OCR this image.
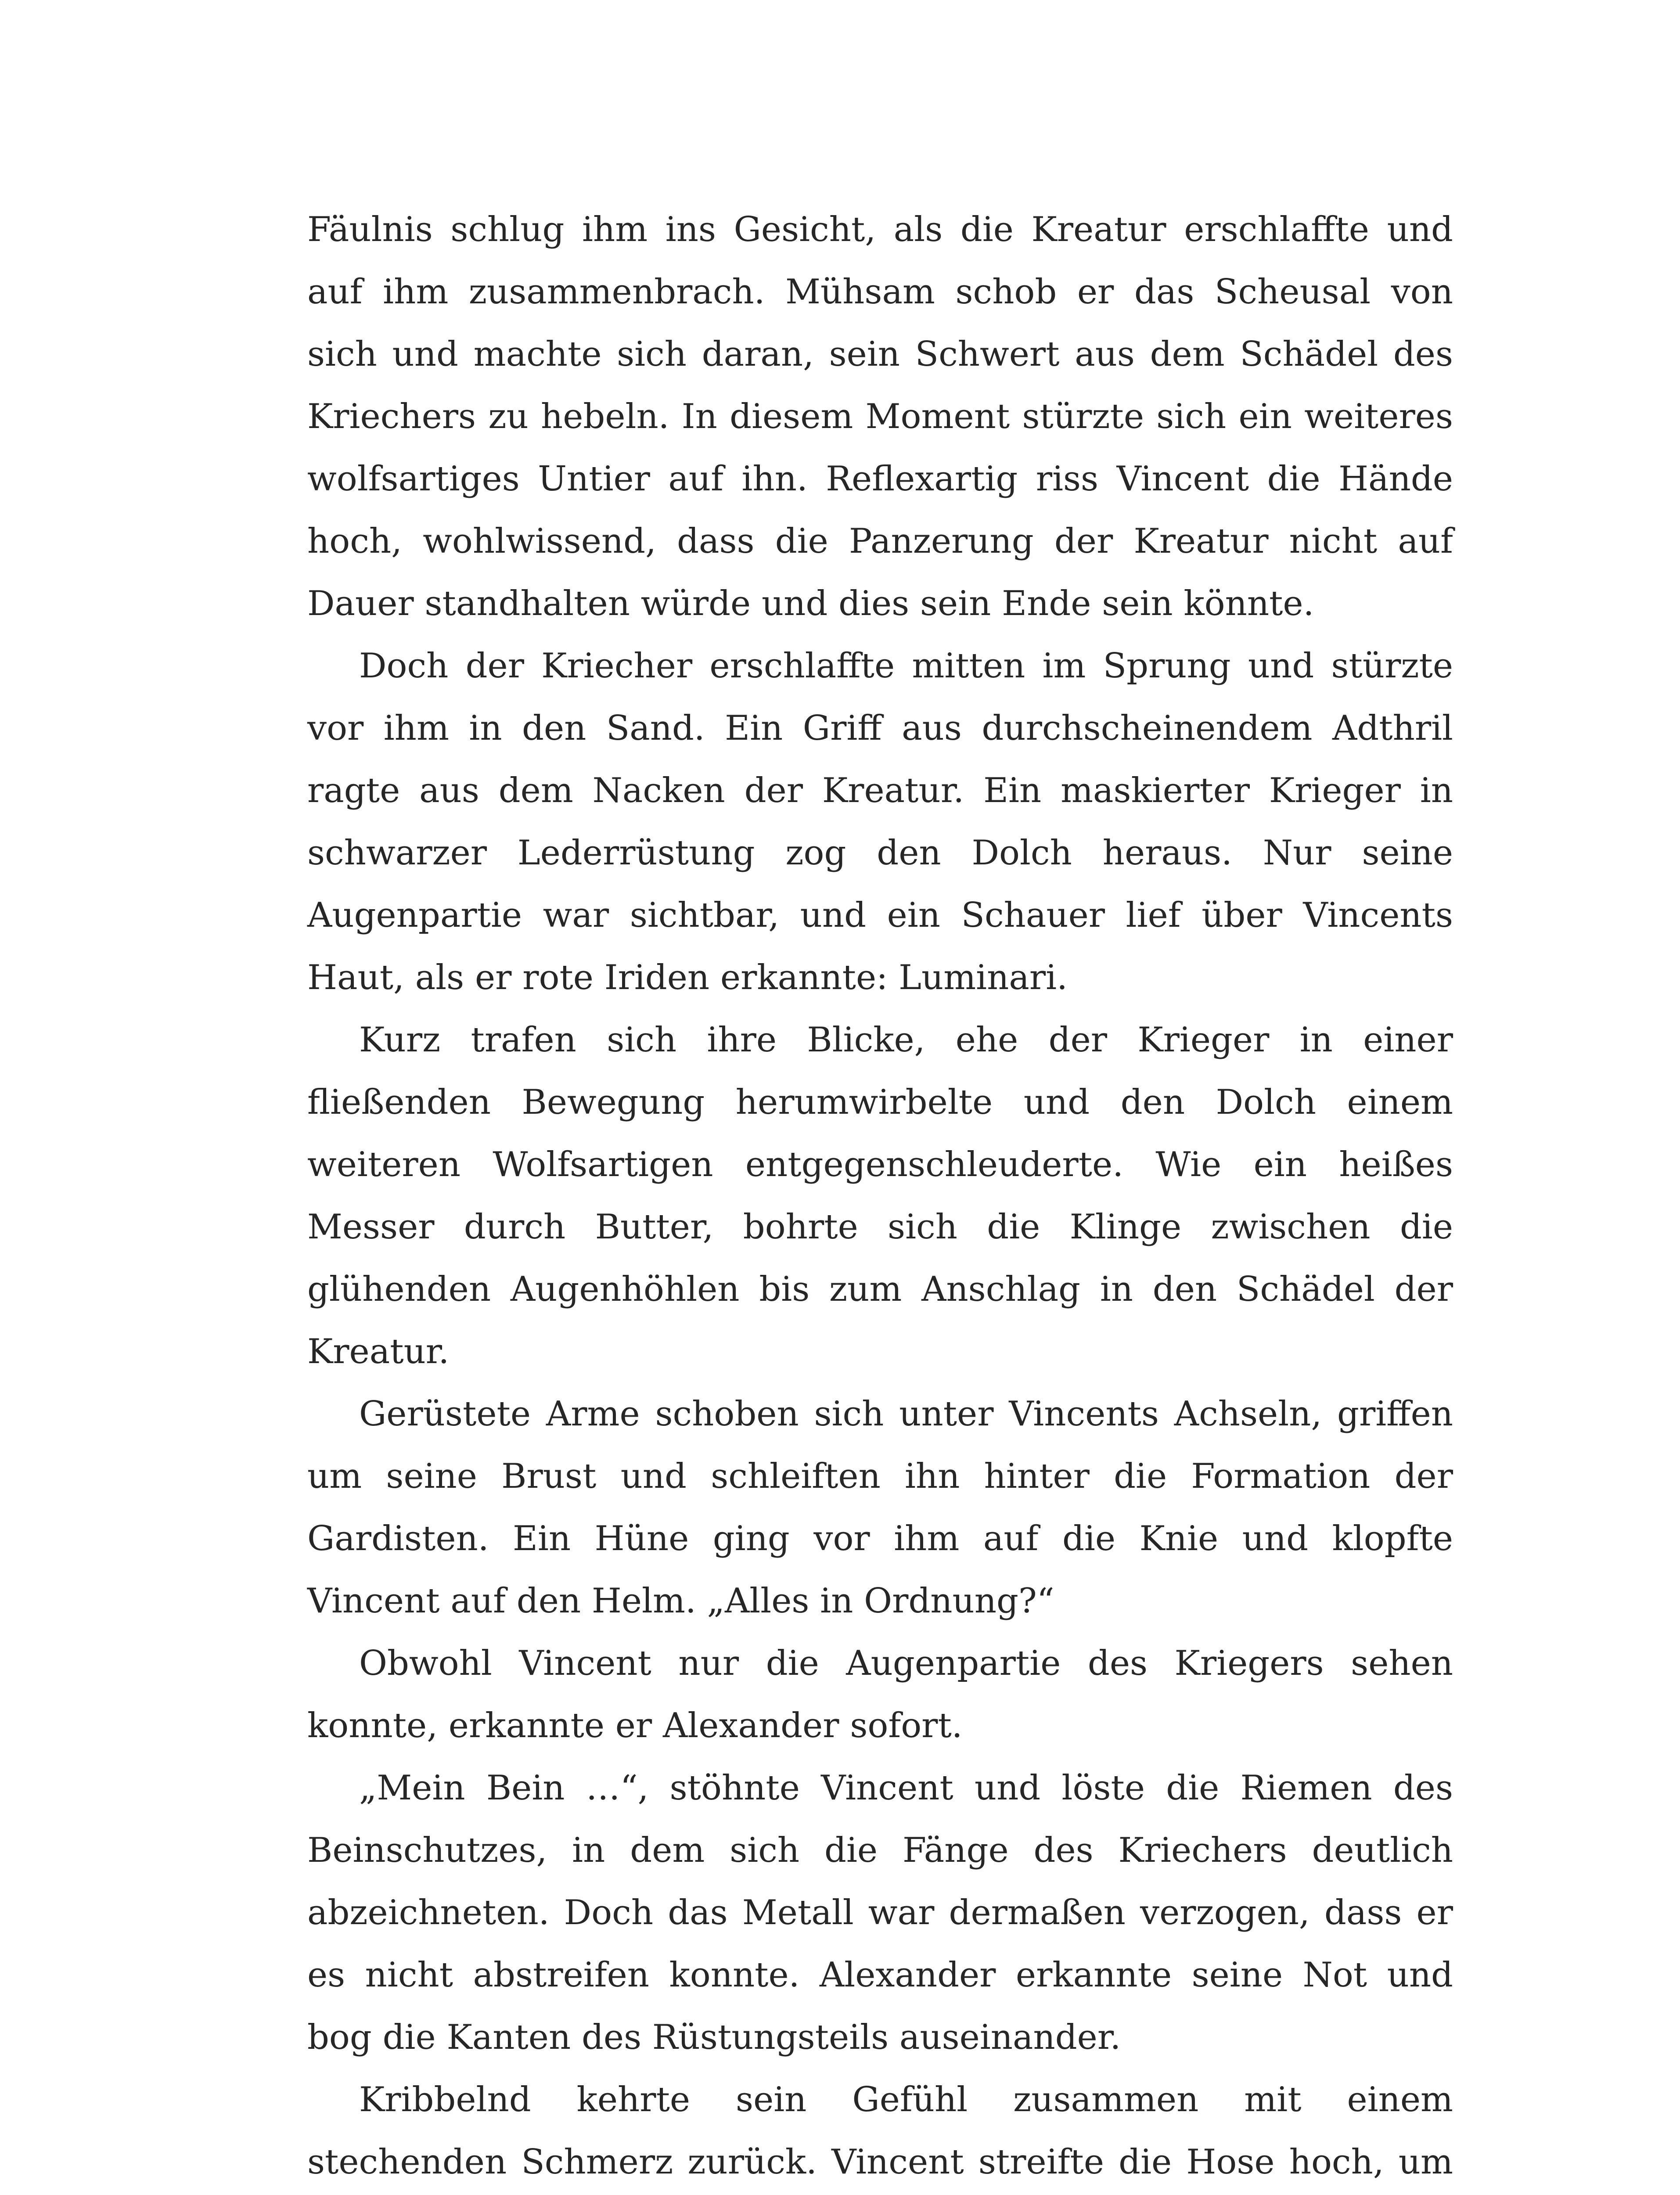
Fäulnis schlug ihm ins Gesicht, als die Kreatur erschlaffte und auf ihm zusammenbrach. Mühsam schob er das Scheusal von sich und machte sich daran, sein Schwert aus dem Schädel des Kriechers zu hebeln. In diesem Moment stürzte sich ein weiteres wolfsartiges Untier auf ihn. Reflexartig riss Vincent die Hände hoch, wohlwissend, dass die Panzerung der Kreatur nicht auf Dauer standhalten würde und dies sein Ende sein könnte.

Doch der Kriecher erschlaffte mitten im Sprung und stürzte vor ihm in den Sand. Ein Griff aus durchscheinendem Adthril ragte aus dem Nacken der Kreatur. Ein maskierter Krieger in schwarzer Lederrüstung zog den Dolch heraus. Nur seine Augenpartie war sichtbar, und ein Schauer lief über Vincents Haut, als er rote Iriden erkannte: Luminari.

Kurz trafen sich ihre Blicke, ehe der Krieger in einer fließenden Bewegung herumwirbelte und den Dolch einem weiteren Wolfsartigen entgegenschleuderte. Wie ein heißes Messer durch Butter, bohrte sich die Klinge zwischen die glühenden Augenhöhlen bis zum Anschlag in den Schädel der Kreatur.

Gerüstete Arme schoben sich unter Vincents Achseln, griffen um seine Brust und schleiften ihn hinter die Formation der Gardisten. Ein Hüne ging vor ihm auf die Knie und klopfte Vincent auf den Helm. „Alles in Ordnung?“

Obwohl Vincent nur die Augenpartie des Kriegers sehen konnte, erkannte er Alexander sofort.

„Mein Bein …“, stöhnte Vincent und löste die Riemen des Beinschutzes, in dem sich die Fänge des Kriechers deutlich abzeichneten. Doch das Metall war dermaßen verzogen, dass er es nicht abstreifen konnte. Alexander erkannte seine Not und bog die Kanten des Rüstungsteils auseinander.

Kribbelnd kehrte sein Gefühl zusammen mit einem stechenden Schmerz zurück. Vincent streifte die Hose hoch, um
